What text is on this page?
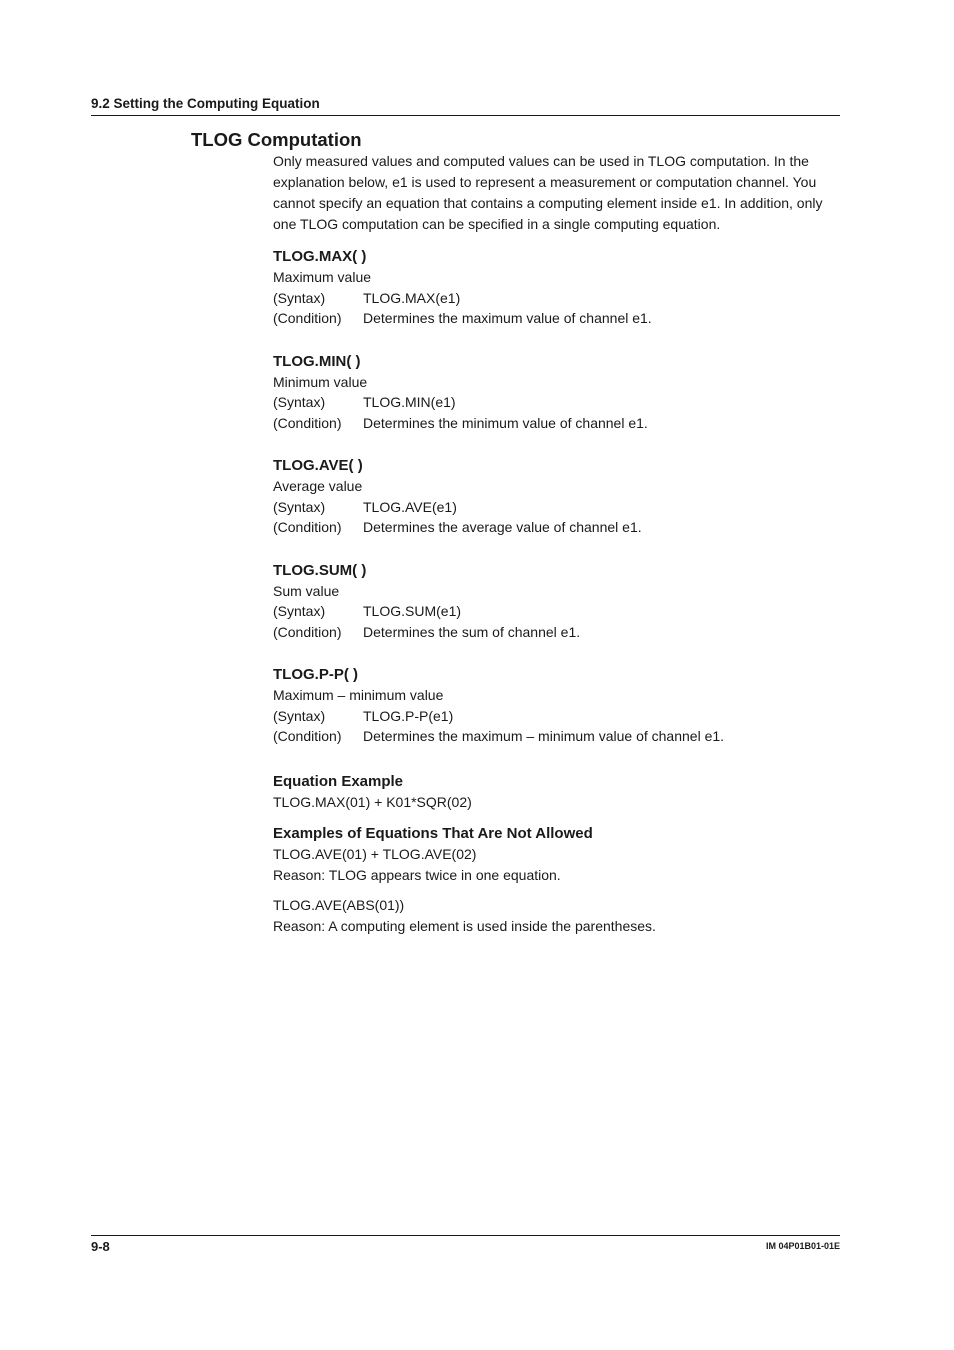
9.2 Setting the Computing Equation
TLOG Computation

Only measured values and computed values can be used in TLOG computation. In the
explanation below, e1 is used to represent a measurement or computation channel. You
cannot specify an equation that contains a computing element inside e1. In addition, only
one TLOG computation can be specified in a single computing equation.

TLOG.MAX( )

Maximum value

(Syntax)	TLOG.MAX(e1)
(Condition)	Determines the maximum value of channel e1.

TLOG.MIN( )

Minimum value

(Syntax)	TLOG.MIN(e1)
(Condition)	Determines the minimum value of channel e1.

TLOG.AVE( )

Average value

(Syntax)	TLOG.AVE(e1)
(Condition)	Determines the average value of channel e1.

TLOG.SUM( )

Sum value

(Syntax)	TLOG.SUM(e1)
(Condition)	Determines the sum of channel e1.

TLOG.P-P( )

Maximum – minimum value

(Syntax)	TLOG.P-P(e1)
(Condition)	Determines the maximum – minimum value of channel e1.

Equation Example

TLOG.MAX(01) + K01*SQR(02)

Examples of Equations That Are Not Allowed

TLOG.AVE(01) + TLOG.AVE(02)

Reason: TLOG appears twice in one equation.

TLOG.AVE(ABS(01))

Reason: A computing element is used inside the parentheses.

9-8	IM 04P01B01-01E
